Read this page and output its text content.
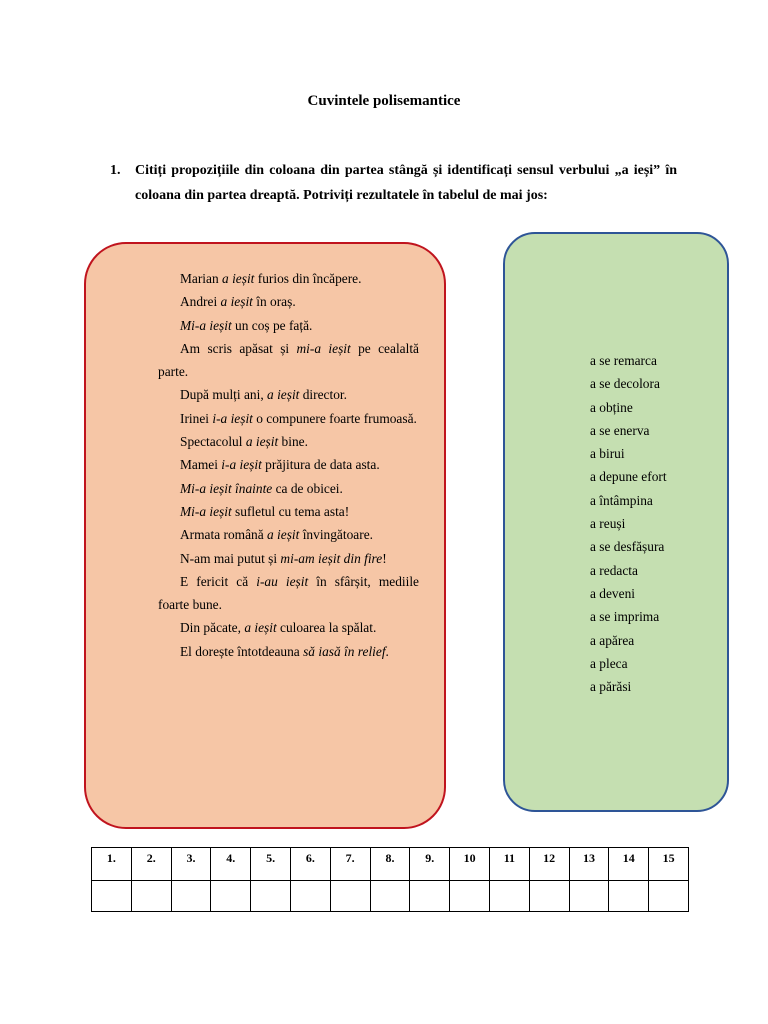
Cuvintele polisemantice
1.	Citiți propozițiile din coloana din partea stângă și identificați sensul verbului „a ieși” în coloana din partea dreaptă. Potriviți rezultatele în tabelul de mai jos:
Marian a ieșit furios din încăpere.
Andrei a ieșit în oraș.
Mi-a ieșit un coș pe față.
Am scris apăsat și mi-a ieșit pe cealaltă parte.
După mulți ani, a ieșit director.
Irinei i-a ieșit o compunere foarte frumoasă.
Spectacolul a ieșit bine.
Mamei i-a ieșit prăjitura de data asta.
Mi-a ieșit înainte ca de obicei.
Mi-a ieșit sufletul cu tema asta!
Armata română a ieșit învingătoare.
N-am mai putut și mi-am ieșit din fire!
E fericit că i-au ieșit în sfârșit, mediile foarte bune.
Din păcate, a ieșit culoarea la spălat.
El dorește întotdeauna să iasă în relief.
a se remarca
a se decolora
a obține
a se enerva
a birui
a depune efort
a întâmpina
a reuși
a se desfășura
a redacta
a deveni
a se imprima
a apărea
a pleca
a părăsi
1.	2.	3.	4.	5.	6.	7.	8.	9.	10	11	12	13	14	15
